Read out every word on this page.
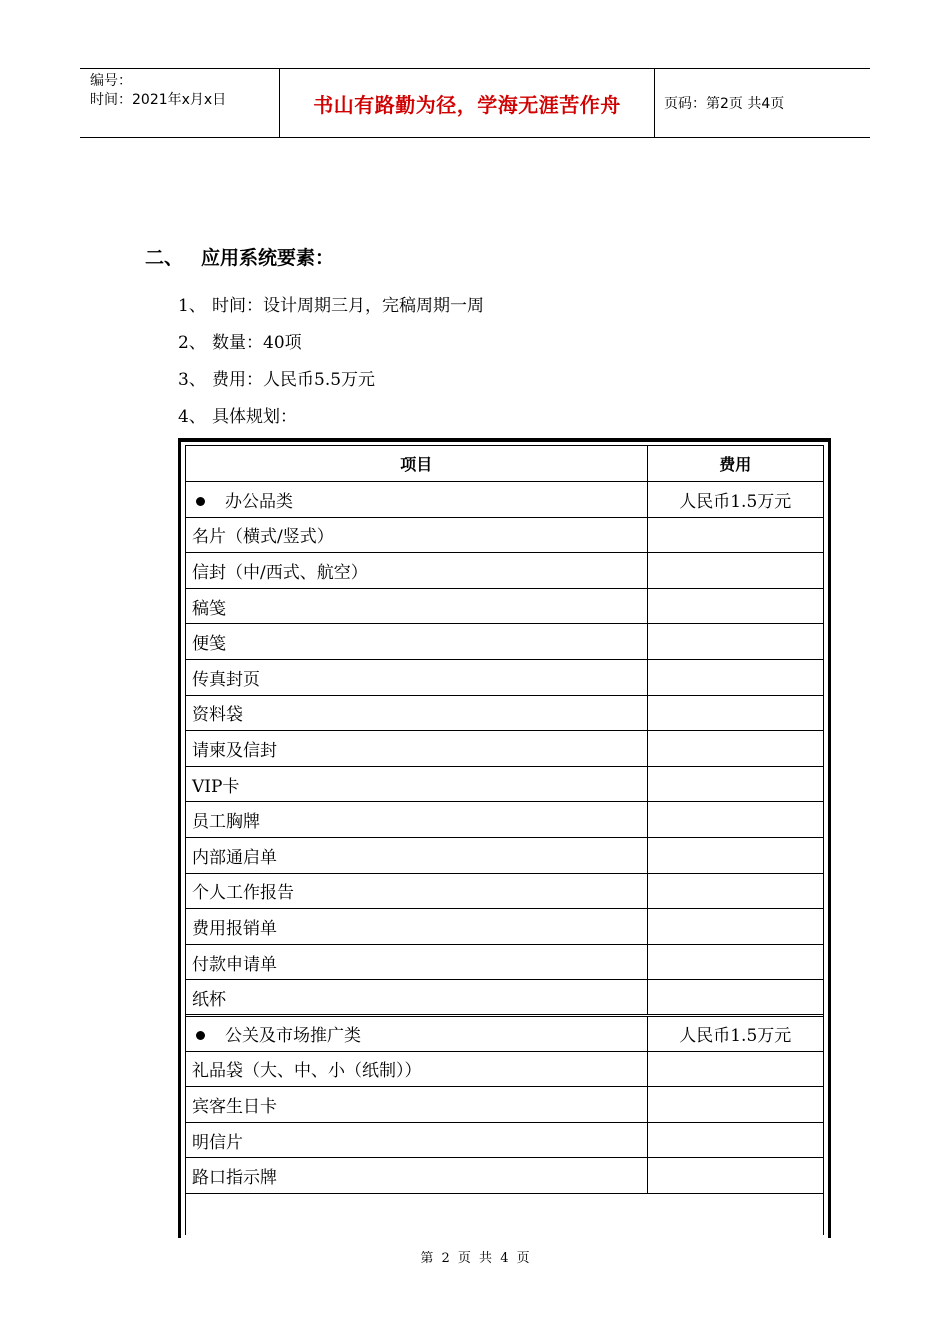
编号：
时间：2021年x月x日	书山有路勤为径，学海无涯苦作舟	页码：第2页 共4页
二、 应用系统要素：
1、 时间：设计周期三月，完稿周期一周
2、 数量：40项
3、 费用：人民币5.5万元
4、 具体规划：
项目	费用
办公品类	人民币1.5万元
名片（横式/竖式）	
信封（中/西式、航空）	
稿笺	
便笺	
传真封页	
资料袋	
请柬及信封	
VIP卡	
员工胸牌	
内部通启单	
个人工作报告	
费用报销单	
付款申请单	
纸杯	
公关及市场推广类	人民币1.5万元
礼品袋（大、中、小（纸制））	
宾客生日卡	
明信片	
路口指示牌	
第 2 页 共 4 页
